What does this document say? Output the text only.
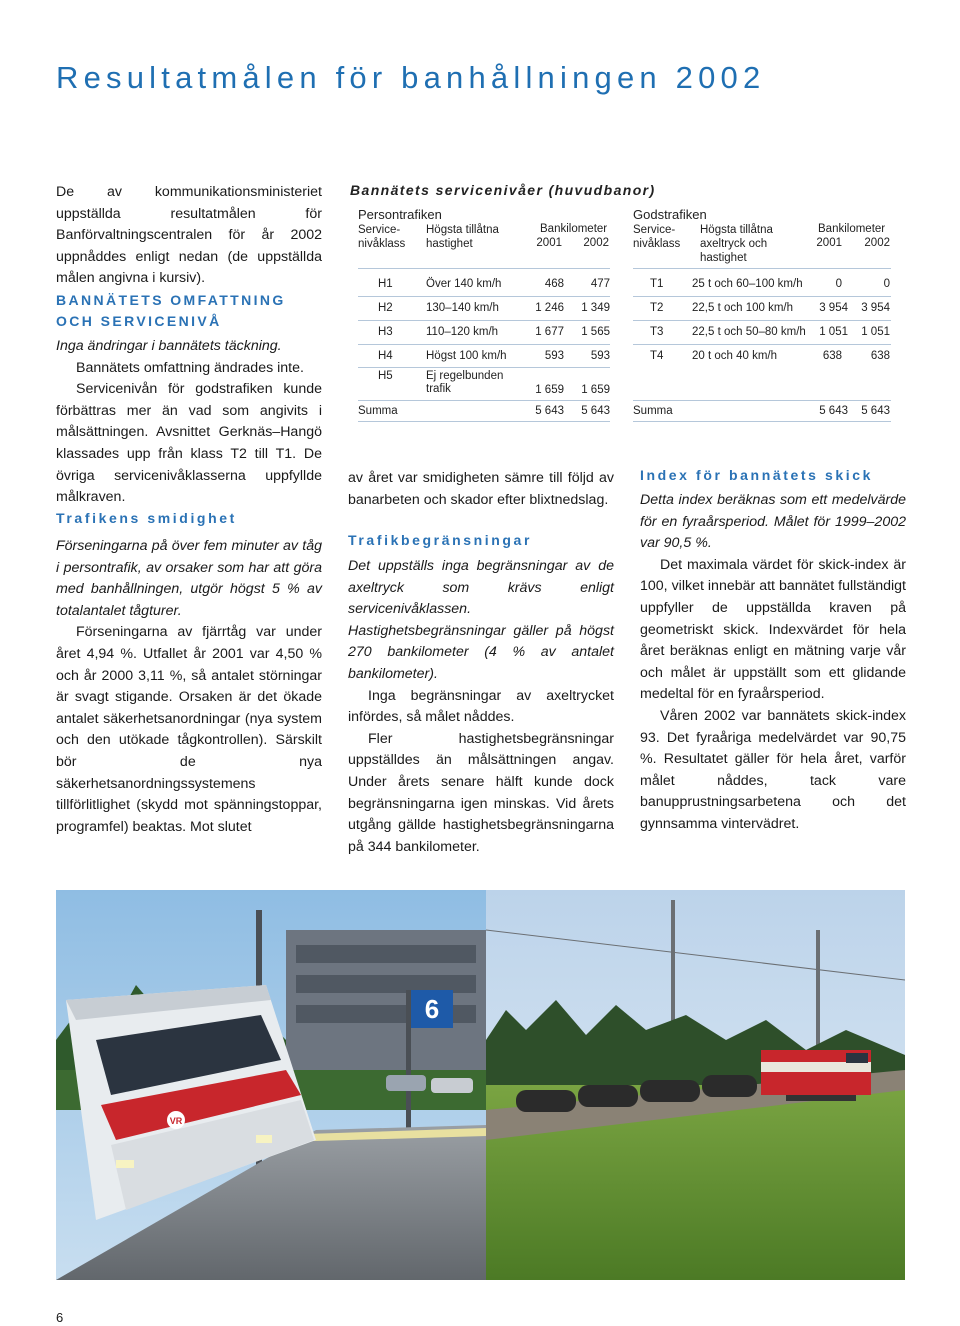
Resultatmålen för banhållningen 2002

De av kommunikationsministeriet uppställda resultatmålen för Banförvaltningscentralen för år 2002 uppnåddes enligt nedan (de uppställda målen angivna i kursiv).

BANNÄTETS OMFATTNING OCH SERVICENIVÅ

Inga ändringar i bannätets täckning.

Bannätets omfattning ändrades inte.

Servicenivån för godstrafiken kunde förbättras mer än vad som angivits i målsättningen. Avsnittet Gerknäs–Hangö klassades upp från klass T2 till T1. De övriga servicenivåklasserna uppfyllde målkraven.

Trafikens smidighet

Förseningarna på över fem minuter av tåg i persontrafik, av orsaker som har att göra med banhållningen, utgör högst 5 % av totalantalet tågturer.

Förseningarna av fjärrtåg var under året 4,94 %. Utfallet år 2001 var 4,50 % och år 2000 3,11 %, så antalet störningar är svagt stigande. Orsaken är det ökade antalet säkerhetsanordningar (nya system och den utökade tågkontrollen). Särskilt bör de nya säkerhetsanordningssystemens tillförlitlighet (skydd mot spänningstoppar, programfel) beaktas. Mot slutet

Bannätets servicenivåer (huvudbanor)
Persontrafiken
Service-
nivåklass
Högsta tillåtna
hastighet
Bankilometer
2001	2002
Godstrafiken
Service-
nivåklass
Högsta tillåtna
axeltryck och
hastighet
Bankilometer
2001	2002
H1	Över 140 km/h	468	477
H2	130–140 km/h	1 246	1 349
H3	110–120 km/h	1 677	1 565
H4	Högst 100 km/h	593	593
H5	Ej regelbunden
trafik	1 659	1 659
Summa	5 643	5 643
T1 25 t och 60–100 km/h	0	0
T2 22,5 t och 100 km/h	3 954	3 954
T3 22,5 t och 50–80 km/h	1 051	1 051
T4 20 t och 40 km/h	638	638
Summa	5 643	5 643

av året var smidigheten sämre till följd av banarbeten och skador efter blixtnedslag.

Trafikbegränsningar

Det uppställs inga begränsningar av de axeltryck som krävs enligt servicenivåklassen. Hastighetsbegränsningar gäller på högst 270 bankilometer (4 % av antalet bankilometer).

Inga begränsningar av axeltrycket infördes, så målet nåddes.

Fler hastighetsbegränsningar uppställdes än målsättningen angav. Under årets senare hälft kunde dock begränsningarna igen minskas. Vid årets utgång gällde hastighetsbegränsningarna på 344 bankilometer.

Index för bannätets skick

Detta index beräknas som ett medelvärde för en fyraårsperiod. Målet för 1999–2002 var 90,5 %.

Det maximala värdet för skick-index är 100, vilket innebär att bannätet fullständigt uppfyller de uppställda kraven på geometriskt skick. Indexvärdet för hela året beräknas enligt en mätning varje vår och målet är uppställt som ett glidande medeltal för en fyraårsperiod.

Våren 2002 var bannätets skick-index 93. Det fyraåriga medelvärdet var 90,75 %. Resultatet gäller för hela året, varför målet nåddes, tack vare banupprustningsarbetena och det gynnsamma vintervädret.

6
VR
6
